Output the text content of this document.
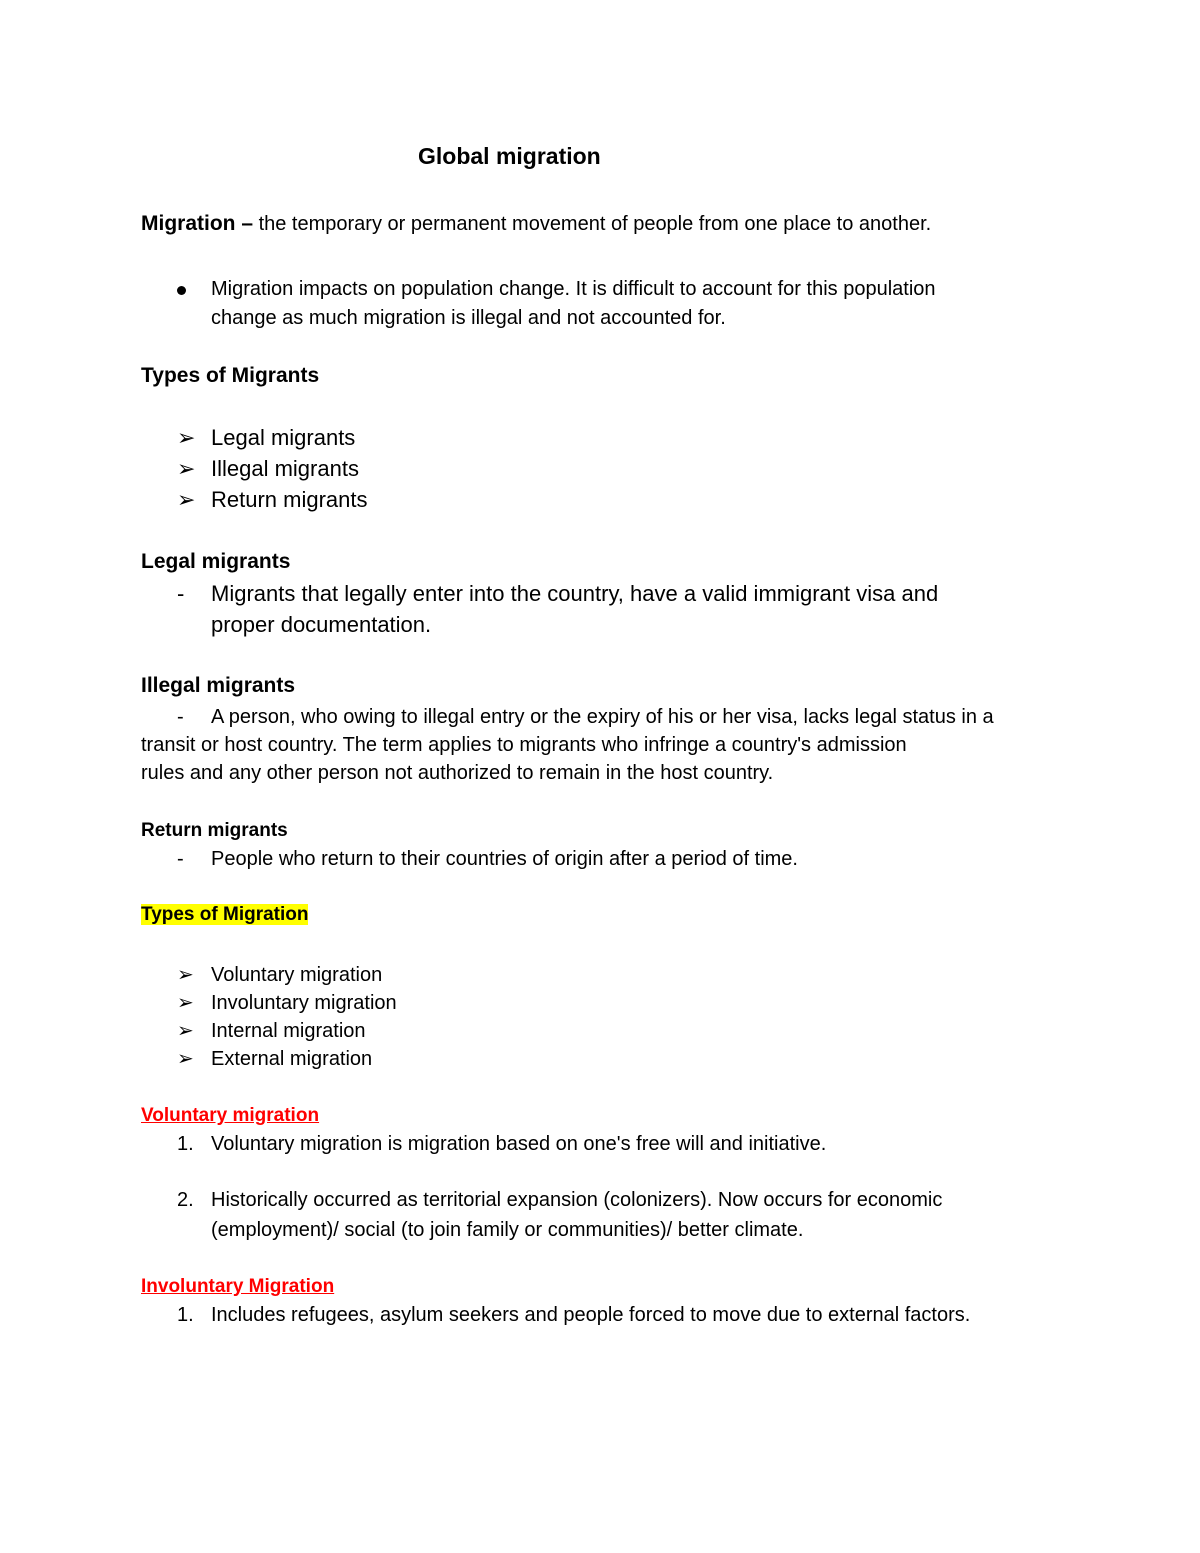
Global migration
Migration – the temporary or permanent movement of people from one place to another.
Migration impacts on population change. It is difficult to account for this population
change as much migration is illegal and not accounted for.
Types of Migrants
➢ Legal migrants
➢ Illegal migrants
➢ Return migrants
Legal migrants
- Migrants that legally enter into the country, have a valid immigrant visa and
proper documentation.
Illegal migrants
- A person, who owing to illegal entry or the expiry of his or her visa, lacks legal status in a
transit or host country. The term applies to migrants who infringe a country's admission
rules and any other person not authorized to remain in the host country.
Return migrants
- People who return to their countries of origin after a period of time.
Types of Migration
➢ Voluntary migration
➢ Involuntary migration
➢ Internal migration
➢ External migration
Voluntary migration
1. Voluntary migration is migration based on one's free will and initiative.
2. Historically occurred as territorial expansion (colonizers). Now occurs for economic
(employment)/ social (to join family or communities)/ better climate.
Involuntary Migration
1. Includes refugees, asylum seekers and people forced to move due to external factors.
